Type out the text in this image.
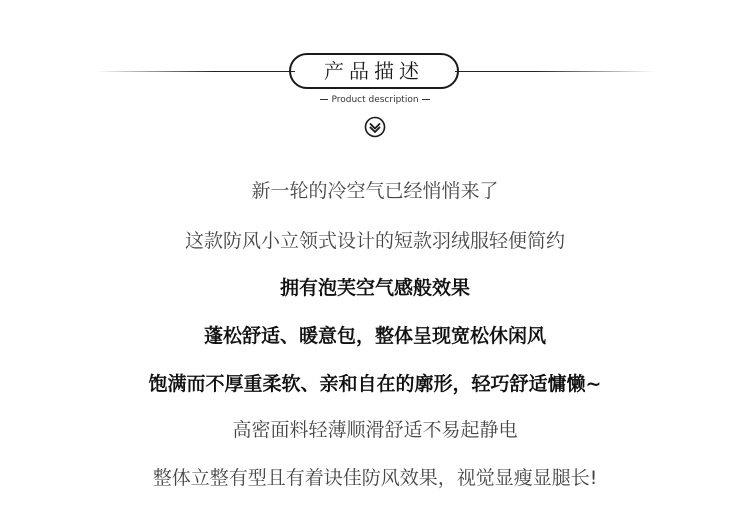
产品描述
Product description
新一轮的冷空气已经悄悄来了
这款防风小立领式设计的短款羽绒服轻便简约
拥有泡芙空气感般效果
蓬松舒适、暖意包，整体呈现宽松休闲风
饱满而不厚重柔软、亲和自在的廓形，轻巧舒适慵懒~
高密面料轻薄顺滑舒适不易起静电
整体立整有型且有着诀佳防风效果，视觉显瘦显腿长!
